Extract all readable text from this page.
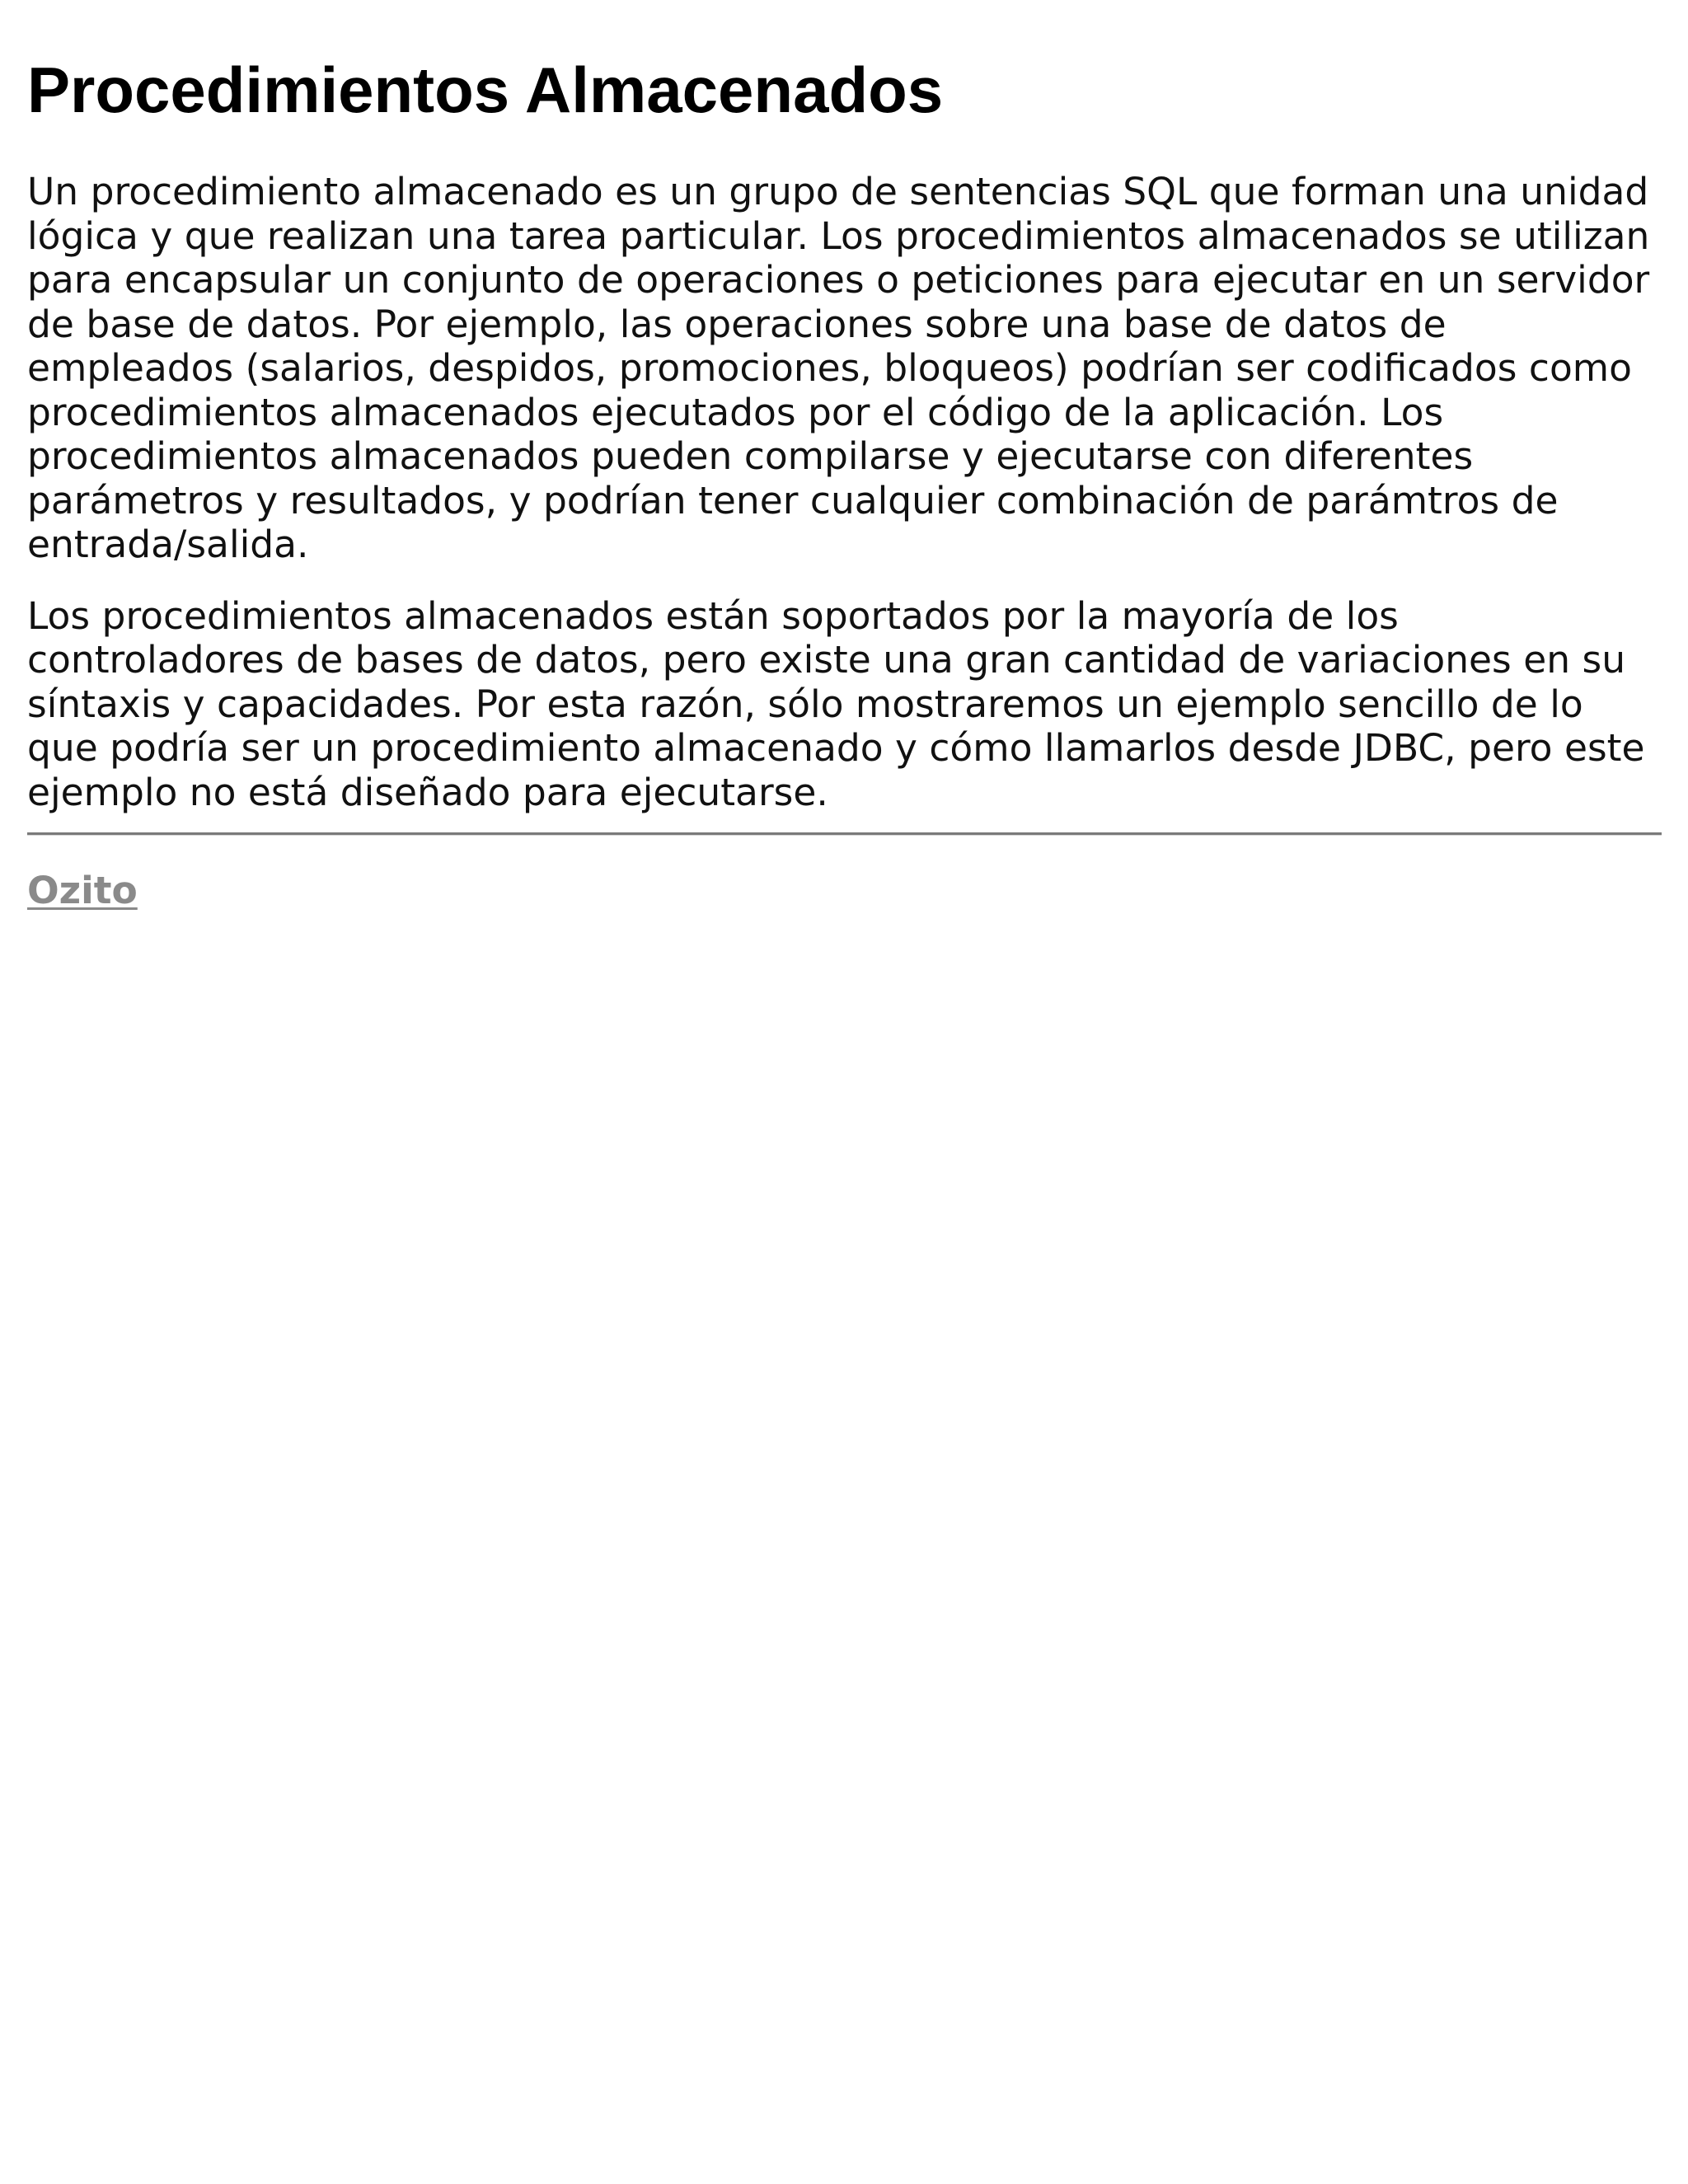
Procedimientos Almacenados

Un procedimiento almacenado es un grupo de sentencias SQL que forman una unidad lógica y que realizan una tarea particular. Los procedimientos almacenados se utilizan para encapsular un conjunto de operaciones o peticiones para ejecutar en un servidor de base de datos. Por ejemplo, las operaciones sobre una base de datos de empleados (salarios, despidos, promociones, bloqueos) podrían ser codificados como procedimientos almacenados ejecutados por el código de la aplicación. Los procedimientos almacenados pueden compilarse y ejecutarse con diferentes parámetros y resultados, y podrían tener cualquier combinación de parámtros de entrada/salida.

Los procedimientos almacenados están soportados por la mayoría de los controladores de bases de datos, pero existe una gran cantidad de variaciones en su síntaxis y capacidades. Por esta razón, sólo mostraremos un ejemplo sencillo de lo que podría ser un procedimiento almacenado y cómo llamarlos desde JDBC, pero este ejemplo no está diseñado para ejecutarse.

Ozito
